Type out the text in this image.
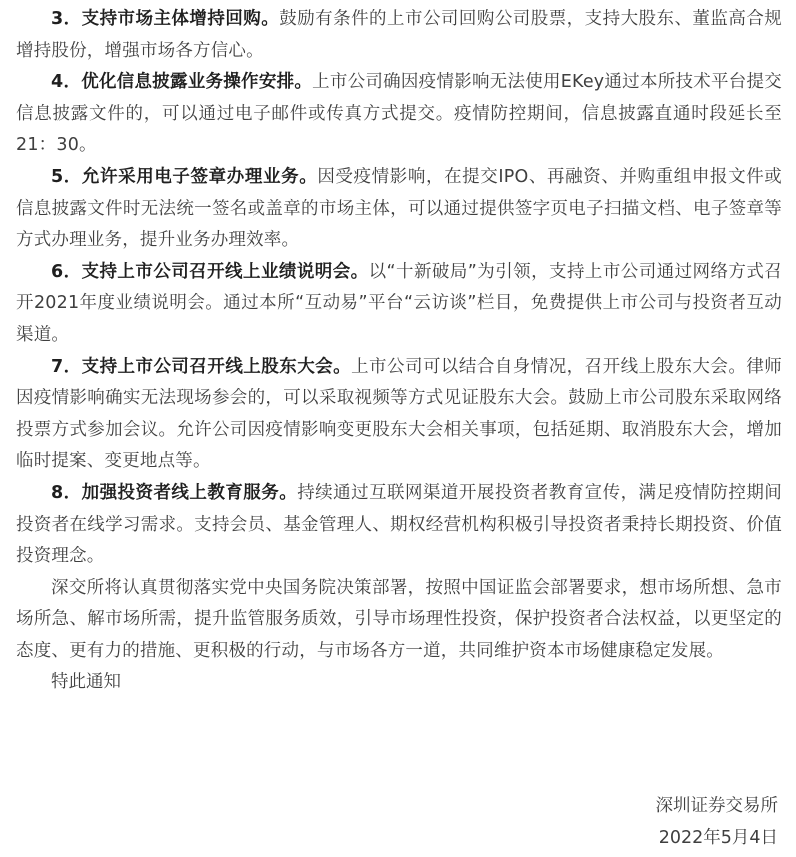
3．支持市场主体增持回购。鼓励有条件的上市公司回购公司股票，支持大股东、董监高合规增持股份，增强市场各方信心。

4．优化信息披露业务操作安排。上市公司确因疫情影响无法使用EKey通过本所技术平台提交信息披露文件的，可以通过电子邮件或传真方式提交。疫情防控期间，信息披露直通时段延长至21：30。

5．允许采用电子签章办理业务。因受疫情影响，在提交IPO、再融资、并购重组申报文件或信息披露文件时无法统一签名或盖章的市场主体，可以通过提供签字页电子扫描文档、电子签章等方式办理业务，提升业务办理效率。

6．支持上市公司召开线上业绩说明会。以“十新破局”为引领，支持上市公司通过网络方式召开2021年度业绩说明会。通过本所“互动易”平台“云访谈”栏目，免费提供上市公司与投资者互动渠道。

7．支持上市公司召开线上股东大会。上市公司可以结合自身情况，召开线上股东大会。律师因疫情影响确实无法现场参会的，可以采取视频等方式见证股东大会。鼓励上市公司股东采取网络投票方式参加会议。允许公司因疫情影响变更股东大会相关事项，包括延期、取消股东大会，增加临时提案、变更地点等。

8．加强投资者线上教育服务。持续通过互联网渠道开展投资者教育宣传，满足疫情防控期间投资者在线学习需求。支持会员、基金管理人、期权经营机构积极引导投资者秉持长期投资、价值投资理念。

深交所将认真贯彻落实党中央国务院决策部署，按照中国证监会部署要求，想市场所想、急市场所急、解市场所需，提升监管服务质效，引导市场理性投资，保护投资者合法权益，以更坚定的态度、更有力的措施、更积极的行动，与市场各方一道，共同维护资本市场健康稳定发展。

特此通知

深圳证券交易所
2022年5月4日
